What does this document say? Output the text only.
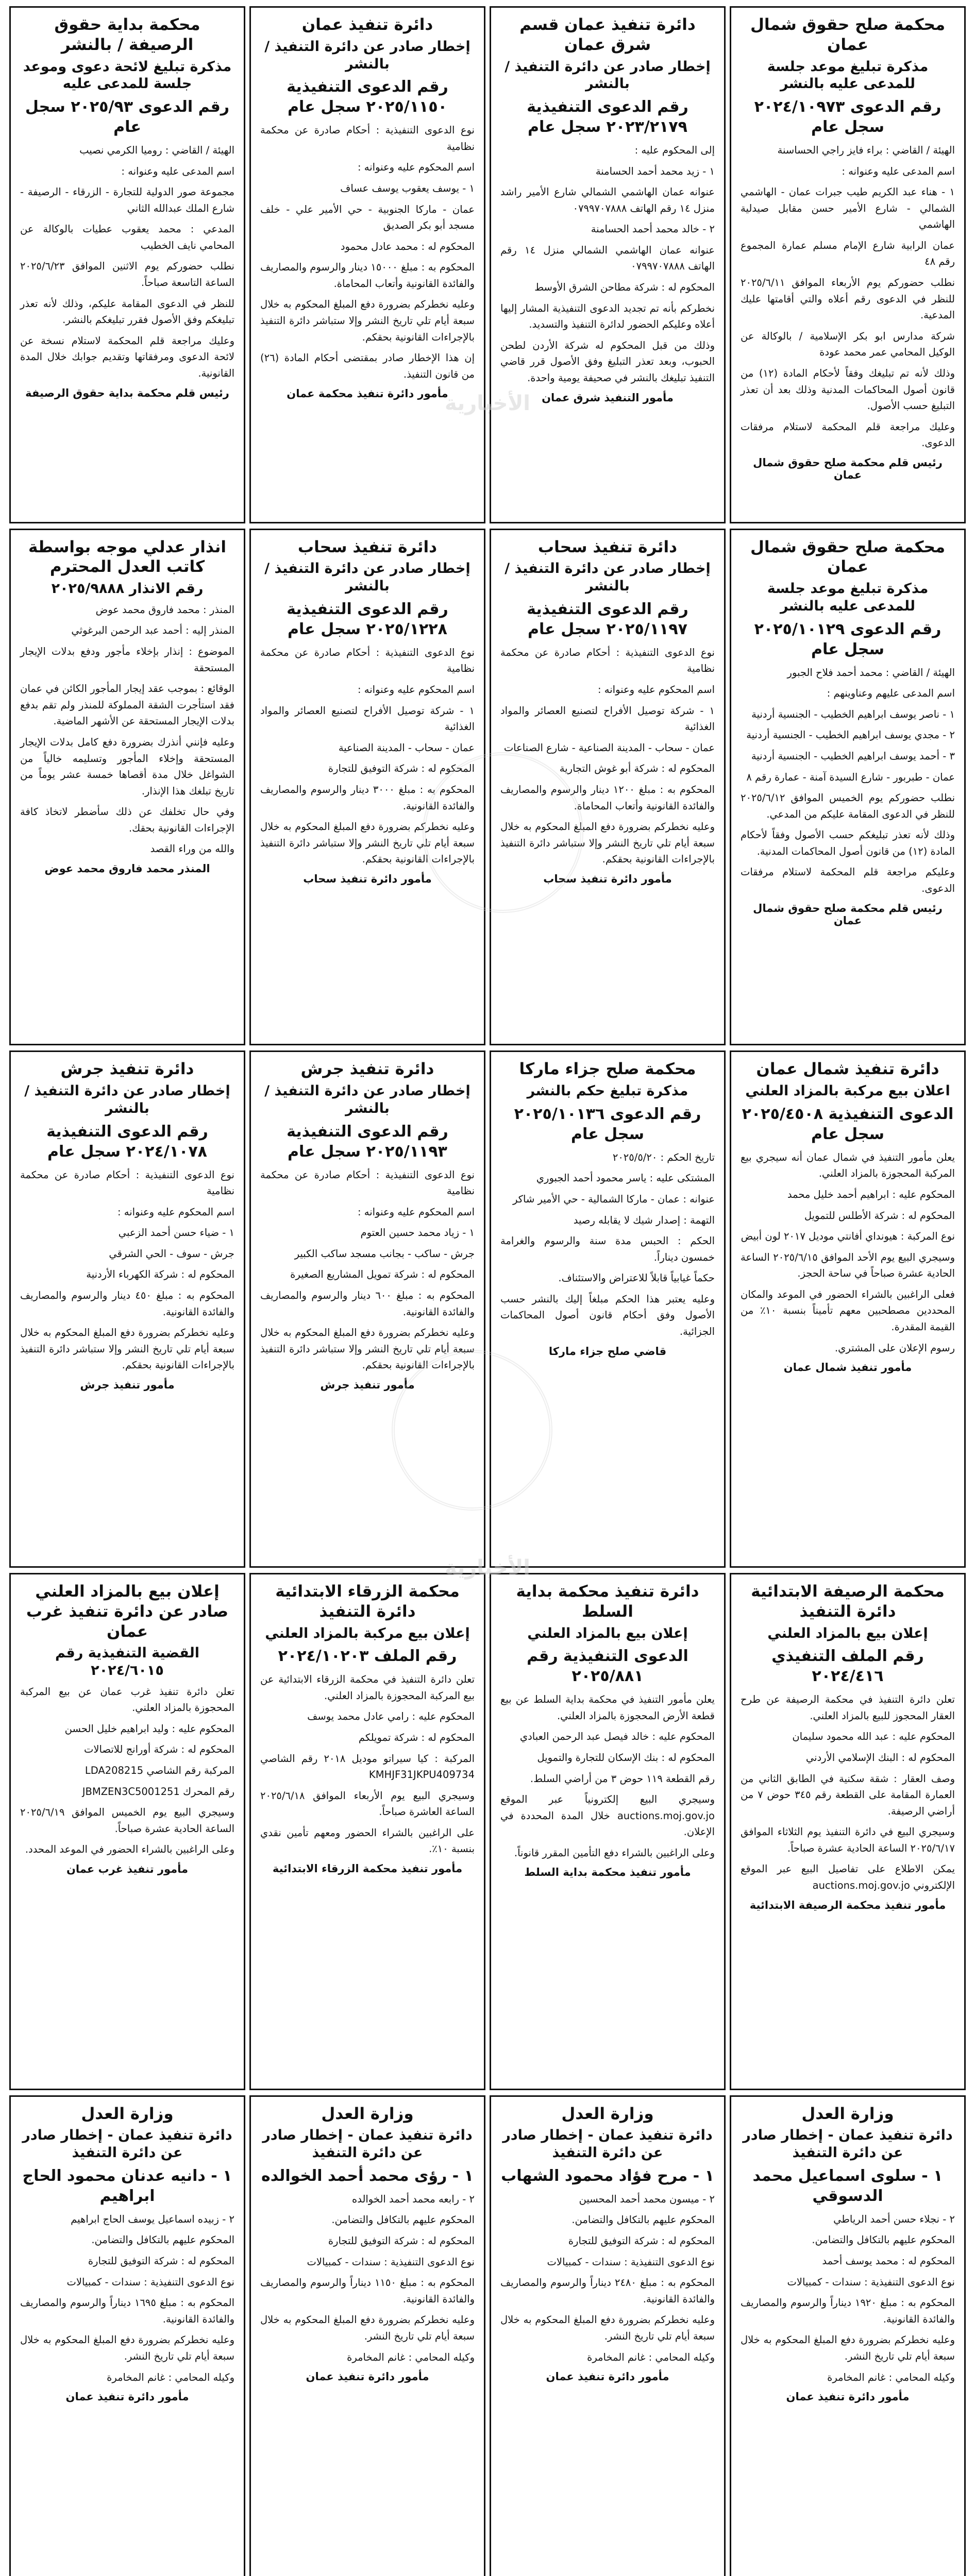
محكمة صلح حقوق شمال عمان
مذكرة تبليغ موعد جلسة للمدعى عليه بالنشر
رقم الدعوى ٢٠٢٤/١٠٩٧٣ سجل عام

الهيئة / القاضي : براء فايز راجي الحساسنة

اسم المدعى عليه وعنوانه :

١ - هناء عبد الكريم طيب جبرات عمان - الهاشمي الشمالي - شارع الأمير حسن مقابل صيدلية الهاشمي

عمان الرابية شارع الإمام مسلم عمارة المجموع رقم ٤٨

نطلب حضوركم يوم الأربعاء الموافق ٢٠٢٥/٦/١١ للنظر في الدعوى رقم أعلاه والتي أقامتها عليك المدعية.

شركة مدارس ابو بكر الإسلامية / بالوكالة عن الوكيل المحامي عمر محمد عودة

وذلك لأنه تم تبليغك وفقاً لأحكام المادة (١٢) من قانون أصول المحاكمات المدنية وذلك بعد أن تعذر التبليغ حسب الأصول.

وعليك مراجعة قلم المحكمة لاستلام مرفقات الدعوى.

رئيس قلم محكمة صلح حقوق شمال عمان
دائرة تنفيذ عمان قسم شرق عمان
إخطار صادر عن دائرة التنفيذ / بالنشر
رقم الدعوى التنفيذية ٢٠٢٣/٢١٧٩ سجل عام

إلى المحكوم عليه :

١ - زيد محمد أحمد الحسامنة

عنوانه عمان الهاشمي الشمالي شارع الأمير راشد منزل ١٤ رقم الهاتف ٠٧٩٩٧٠٧٨٨٨

٢ - خالد محمد أحمد الحسامنة

عنوانه عمان الهاشمي الشمالي منزل ١٤ رقم الهاتف ٠٧٩٩٧٠٧٨٨٨

المحكوم له : شركة مطاحن الشرق الأوسط

نخطركم بأنه تم تجديد الدعوى التنفيذية المشار إليها أعلاه وعليكم الحضور لدائرة التنفيذ والتسديد.

وذلك من قبل المحكوم له شركة الأردن لطحن الحبوب، وبعد تعذر التبليغ وفق الأصول قرر قاضي التنفيذ تبليغك بالنشر في صحيفة يومية واحدة.

مأمور التنفيذ شرق عمان
دائرة تنفيذ عمان
إخطار صادر عن دائرة التنفيذ / بالنشر
رقم الدعوى التنفيذية ٢٠٢٥/١١٥٠ سجل عام

نوع الدعوى التنفيذية : أحكام صادرة عن محكمة نظامية

اسم المحكوم عليه وعنوانه :

١ - يوسف يعقوب يوسف عساف

عمان - ماركا الجنوبية - حي الأمير علي - خلف مسجد أبو بكر الصديق

المحكوم له : محمد عادل محمود

المحكوم به : مبلغ ١٥٠٠٠ دينار والرسوم والمصاريف والفائدة القانونية وأتعاب المحاماة.

وعليه نخطركم بضرورة دفع المبلغ المحكوم به خلال سبعة أيام تلي تاريخ النشر وإلا ستباشر دائرة التنفيذ بالإجراءات القانونية بحقكم.

إن هذا الإخطار صادر بمقتضى أحكام المادة (٢٦) من قانون التنفيذ.

مأمور دائرة تنفيذ محكمة عمان
محكمة بداية حقوق الرصيفة / بالنشر
مذكرة تبليغ لائحة دعوى وموعد جلسة للمدعى عليه
رقم الدعوى ٢٠٢٥/٩٣ سجل عام

الهيئة / القاضي : روميا الكرمي نصيب

اسم المدعى عليه وعنوانه :

مجموعة صور الدولية للتجارة - الزرقاء - الرصيفة - شارع الملك عبدالله الثاني

المدعي : محمد يعقوب عطيات بالوكالة عن المحامي نايف الخطيب

نطلب حضوركم يوم الاثنين الموافق ٢٠٢٥/٦/٢٣ الساعة التاسعة صباحاً.

للنظر في الدعوى المقامة عليكم، وذلك لأنه تعذر تبليغكم وفق الأصول فقرر تبليغكم بالنشر.

وعليك مراجعة قلم المحكمة لاستلام نسخة عن لائحة الدعوى ومرفقاتها وتقديم جوابك خلال المدة القانونية.

رئيس قلم محكمة بداية حقوق الرصيفة
محكمة صلح حقوق شمال عمان
مذكرة تبليغ موعد جلسة للمدعى عليه بالنشر
رقم الدعوى ٢٠٢٥/١٠١٢٩ سجل عام

الهيئة / القاضي : محمد أحمد فلاح الجبور

اسم المدعى عليهم وعناوينهم :

١ - ناصر يوسف ابراهيم الخطيب - الجنسية أردنية

٢ - مجدي يوسف ابراهيم الخطيب - الجنسية أردنية

٣ - أحمد يوسف ابراهيم الخطيب - الجنسية أردنية

عمان - طبربور - شارع السيدة آمنة - عمارة رقم ٨

نطلب حضوركم يوم الخميس الموافق ٢٠٢٥/٦/١٢ للنظر في الدعوى المقامة عليكم من المدعي.

وذلك لأنه تعذر تبليغكم حسب الأصول وفقاً لأحكام المادة (١٢) من قانون أصول المحاكمات المدنية.

وعليكم مراجعة قلم المحكمة لاستلام مرفقات الدعوى.

رئيس قلم محكمة صلح حقوق شمال عمان
دائرة تنفيذ سحاب
إخطار صادر عن دائرة التنفيذ / بالنشر
رقم الدعوى التنفيذية ٢٠٢٥/١١٩٧ سجل عام

نوع الدعوى التنفيذية : أحكام صادرة عن محكمة نظامية

اسم المحكوم عليه وعنوانه :

١ - شركة توصيل الأفراح لتصنيع العصائر والمواد الغذائية

عمان - سحاب - المدينة الصناعية - شارع الصناعات

المحكوم له : شركة أبو غوش التجارية

المحكوم به : مبلغ ١٢٠٠ دينار والرسوم والمصاريف والفائدة القانونية وأتعاب المحاماة.

وعليه نخطركم بضرورة دفع المبلغ المحكوم به خلال سبعة أيام تلي تاريخ النشر وإلا ستباشر دائرة التنفيذ بالإجراءات القانونية بحقكم.

مأمور دائرة تنفيذ سحاب
دائرة تنفيذ سحاب
إخطار صادر عن دائرة التنفيذ / بالنشر
رقم الدعوى التنفيذية ٢٠٢٥/١٢٢٨ سجل عام

نوع الدعوى التنفيذية : أحكام صادرة عن محكمة نظامية

اسم المحكوم عليه وعنوانه :

١ - شركة توصيل الأفراح لتصنيع العصائر والمواد الغذائية

عمان - سحاب - المدينة الصناعية

المحكوم له : شركة التوفيق للتجارة

المحكوم به : مبلغ ٣٠٠٠ دينار والرسوم والمصاريف والفائدة القانونية.

وعليه نخطركم بضرورة دفع المبلغ المحكوم به خلال سبعة أيام تلي تاريخ النشر وإلا ستباشر دائرة التنفيذ بالإجراءات القانونية بحقكم.

مأمور دائرة تنفيذ سحاب
انذار عدلي موجه بواسطة كاتب العدل المحترم
رقم الانذار ٢٠٢٥/٩٨٨٨

المنذر : محمد فاروق محمد عوض

المنذر إليه : أحمد عبد الرحمن البرغوثي

الموضوع : إنذار بإخلاء مأجور ودفع بدلات الإيجار المستحقة

الوقائع : بموجب عقد إيجار المأجور الكائن في عمان فقد استأجرت الشقة المملوكة للمنذر ولم تقم بدفع بدلات الإيجار المستحقة عن الأشهر الماضية.

وعليه فإنني أنذرك بضرورة دفع كامل بدلات الإيجار المستحقة وإخلاء المأجور وتسليمه خالياً من الشواغل خلال مدة أقصاها خمسة عشر يوماً من تاريخ تبلغك هذا الإنذار.

وفي حال تخلفك عن ذلك سأضطر لاتخاذ كافة الإجراءات القانونية بحقك.

والله من وراء القصد

المنذر محمد فاروق محمد عوض
دائرة تنفيذ شمال عمان
اعلان بيع مركبة بالمزاد العلني
الدعوى التنفيذية ٢٠٢٥/٤٥٠٨ سجل عام

يعلن مأمور التنفيذ في شمال عمان أنه سيجري بيع المركبة المحجوزة بالمزاد العلني.

المحكوم عليه : ابراهيم أحمد خليل محمد

المحكوم له : شركة الأطلس للتمويل

نوع المركبة : هيونداي أفانتي موديل ٢٠١٧ لون أبيض

وسيجري البيع يوم الأحد الموافق ٢٠٢٥/٦/١٥ الساعة الحادية عشرة صباحاً في ساحة الحجز.

فعلى الراغبين بالشراء الحضور في الموعد والمكان المحددين مصطحبين معهم تأميناً بنسبة ١٠٪ من القيمة المقدرة.

رسوم الإعلان على المشتري.

مأمور تنفيذ شمال عمان
محكمة صلح جزاء ماركا
مذكرة تبليغ حكم بالنشر
رقم الدعوى ٢٠٢٥/١٠١٣٦ سجل عام

تاريخ الحكم : ٢٠٢٥/٥/٢٠

المشتكى عليه : ياسر محمود أحمد الجبوري

عنوانه : عمان - ماركا الشمالية - حي الأمير شاكر

التهمة : إصدار شيك لا يقابله رصيد

الحكم : الحبس مدة سنة والرسوم والغرامة خمسون ديناراً.

حكماً غيابياً قابلاً للاعتراض والاستئناف.

وعليه يعتبر هذا الحكم مبلغاً إليك بالنشر حسب الأصول وفق أحكام قانون أصول المحاكمات الجزائية.

قاضي صلح جزاء ماركا
دائرة تنفيذ جرش
إخطار صادر عن دائرة التنفيذ / بالنشر
رقم الدعوى التنفيذية ٢٠٢٥/١١٩٣ سجل عام

نوع الدعوى التنفيذية : أحكام صادرة عن محكمة نظامية

اسم المحكوم عليه وعنوانه :

١ - زياد محمد حسين العتوم

جرش - ساكب - بجانب مسجد ساكب الكبير

المحكوم له : شركة تمويل المشاريع الصغيرة

المحكوم به : مبلغ ٦٠٠ دينار والرسوم والمصاريف والفائدة القانونية.

وعليه نخطركم بضرورة دفع المبلغ المحكوم به خلال سبعة أيام تلي تاريخ النشر وإلا ستباشر دائرة التنفيذ بالإجراءات القانونية بحقكم.

مأمور تنفيذ جرش
دائرة تنفيذ جرش
إخطار صادر عن دائرة التنفيذ / بالنشر
رقم الدعوى التنفيذية ٢٠٢٤/١٠٧٨ سجل عام

نوع الدعوى التنفيذية : أحكام صادرة عن محكمة نظامية

اسم المحكوم عليه وعنوانه :

١ - ضياء حسن أحمد الزعبي

جرش - سوف - الحي الشرقي

المحكوم له : شركة الكهرباء الأردنية

المحكوم به : مبلغ ٤٥٠ دينار والرسوم والمصاريف والفائدة القانونية.

وعليه نخطركم بضرورة دفع المبلغ المحكوم به خلال سبعة أيام تلي تاريخ النشر وإلا ستباشر دائرة التنفيذ بالإجراءات القانونية بحقكم.

مأمور تنفيذ جرش
محكمة الرصيفة الابتدائية دائرة التنفيذ
إعلان بيع بالمزاد العلني
رقم الملف التنفيذي ٢٠٢٤/٤١٦

تعلن دائرة التنفيذ في محكمة الرصيفة عن طرح العقار المحجوز للبيع بالمزاد العلني.

المحكوم عليه : عبد الله محمود سليمان

المحكوم له : البنك الإسلامي الأردني

وصف العقار : شقة سكنية في الطابق الثاني من العمارة المقامة على القطعة رقم ٣٤٥ حوض ٧ من أراضي الرصيفة.

وسيجري البيع في دائرة التنفيذ يوم الثلاثاء الموافق ٢٠٢٥/٦/١٧ الساعة الحادية عشرة صباحاً.

يمكن الاطلاع على تفاصيل البيع عبر الموقع الإلكتروني auctions.moj.gov.jo

مأمور تنفيذ محكمة الرصيفة الابتدائية
دائرة تنفيذ محكمة بداية السلط
إعلان بيع بالمزاد العلني
الدعوى التنفيذية رقم ٢٠٢٥/٨٨١

يعلن مأمور التنفيذ في محكمة بداية السلط عن بيع قطعة الأرض المحجوزة بالمزاد العلني.

المحكوم عليه : خالد فيصل عبد الرحمن العبادي

المحكوم له : بنك الإسكان للتجارة والتمويل

رقم القطعة ١١٩ حوض ٣ من أراضي السلط.

وسيجري البيع إلكترونياً عبر الموقع auctions.moj.gov.jo خلال المدة المحددة في الإعلان.

وعلى الراغبين بالشراء دفع التأمين المقرر قانوناً.

مأمور تنفيذ محكمة بداية السلط
محكمة الزرقاء الابتدائية دائرة التنفيذ
إعلان بيع مركبة بالمزاد العلني
رقم الملف ٢٠٢٤/١٠٢٠٣

تعلن دائرة التنفيذ في محكمة الزرقاء الابتدائية عن بيع المركبة المحجوزة بالمزاد العلني.

المحكوم عليه : رامي عادل محمد يوسف

المحكوم له : شركة تمويلكم

المركبة : كيا سيراتو موديل ٢٠١٨ رقم الشاصي KMHJF31JKPU409734

وسيجري البيع يوم الأربعاء الموافق ٢٠٢٥/٦/١٨ الساعة العاشرة صباحاً.

على الراغبين بالشراء الحضور ومعهم تأمين نقدي بنسبة ١٠٪.

مأمور تنفيذ محكمة الزرقاء الابتدائية
إعلان بيع بالمزاد العلني صادر عن دائرة تنفيذ غرب عمان
القضية التنفيذية رقم ٢٠٢٤/٦٠١٥

تعلن دائرة تنفيذ غرب عمان عن بيع المركبة المحجوزة بالمزاد العلني.

المحكوم عليه : وليد ابراهيم خليل الحسن

المحكوم له : شركة أورانج للاتصالات

المركبة رقم الشاصي LDA208215

رقم المحرك JBMZEN3C5001251

وسيجري البيع يوم الخميس الموافق ٢٠٢٥/٦/١٩ الساعة الحادية عشرة صباحاً.

وعلى الراغبين بالشراء الحضور في الموعد المحدد.

مأمور تنفيذ غرب عمان
وزارة العدل
دائرة تنفيذ عمان - إخطار صادر عن دائرة التنفيذ
١ - سلوى اسماعيل محمد الدسوقي

٢ - نجلاء حسن أحمد الرياطي

المحكوم عليهم بالتكافل والتضامن.

المحكوم له : محمد يوسف أحمد

نوع الدعوى التنفيذية : سندات - كمبيالات

المحكوم به : مبلغ ١٩٢٠ ديناراً والرسوم والمصاريف والفائدة القانونية.

وعليه نخطركم بضرورة دفع المبلغ المحكوم به خلال سبعة أيام تلي تاريخ النشر.

وكيله المحامي : غانم المخامرة

مأمور دائرة تنفيذ عمان
وزارة العدل
دائرة تنفيذ عمان - إخطار صادر عن دائرة التنفيذ
١ - مرح فؤاد محمود الشهاب

٢ - ميسون محمد أحمد المحسين

المحكوم عليهم بالتكافل والتضامن.

المحكوم له : شركة التوفيق للتجارة

نوع الدعوى التنفيذية : سندات - كمبيالات

المحكوم به : مبلغ ٢٤٨٠ ديناراً والرسوم والمصاريف والفائدة القانونية.

وعليه نخطركم بضرورة دفع المبلغ المحكوم به خلال سبعة أيام تلي تاريخ النشر.

وكيله المحامي : غانم المخامرة

مأمور دائرة تنفيذ عمان
وزارة العدل
دائرة تنفيذ عمان - إخطار صادر عن دائرة التنفيذ
١ - رؤى محمد أحمد الخوالده

٢ - رابعه محمد أحمد الخوالده

المحكوم عليهم بالتكافل والتضامن.

المحكوم له : شركة التوفيق للتجارة

نوع الدعوى التنفيذية : سندات - كمبيالات

المحكوم به : مبلغ ١١٥٠ ديناراً والرسوم والمصاريف والفائدة القانونية.

وعليه نخطركم بضرورة دفع المبلغ المحكوم به خلال سبعة أيام تلي تاريخ النشر.

وكيله المحامي : غانم المخامرة

مأمور دائرة تنفيذ عمان
وزارة العدل
دائرة تنفيذ عمان - إخطار صادر عن دائرة التنفيذ
١ - دانيه عدنان محمود الحاج ابراهيم

٢ - زبيده اسماعيل يوسف الحاج ابراهيم

المحكوم عليهم بالتكافل والتضامن.

المحكوم له : شركة التوفيق للتجارة

نوع الدعوى التنفيذية : سندات - كمبيالات

المحكوم به : مبلغ ١٦٩٥ ديناراً والرسوم والمصاريف والفائدة القانونية.

وعليه نخطركم بضرورة دفع المبلغ المحكوم به خلال سبعة أيام تلي تاريخ النشر.

وكيله المحامي : غانم المخامرة

مأمور دائرة تنفيذ عمان

الأخبارية
الأخبارية
